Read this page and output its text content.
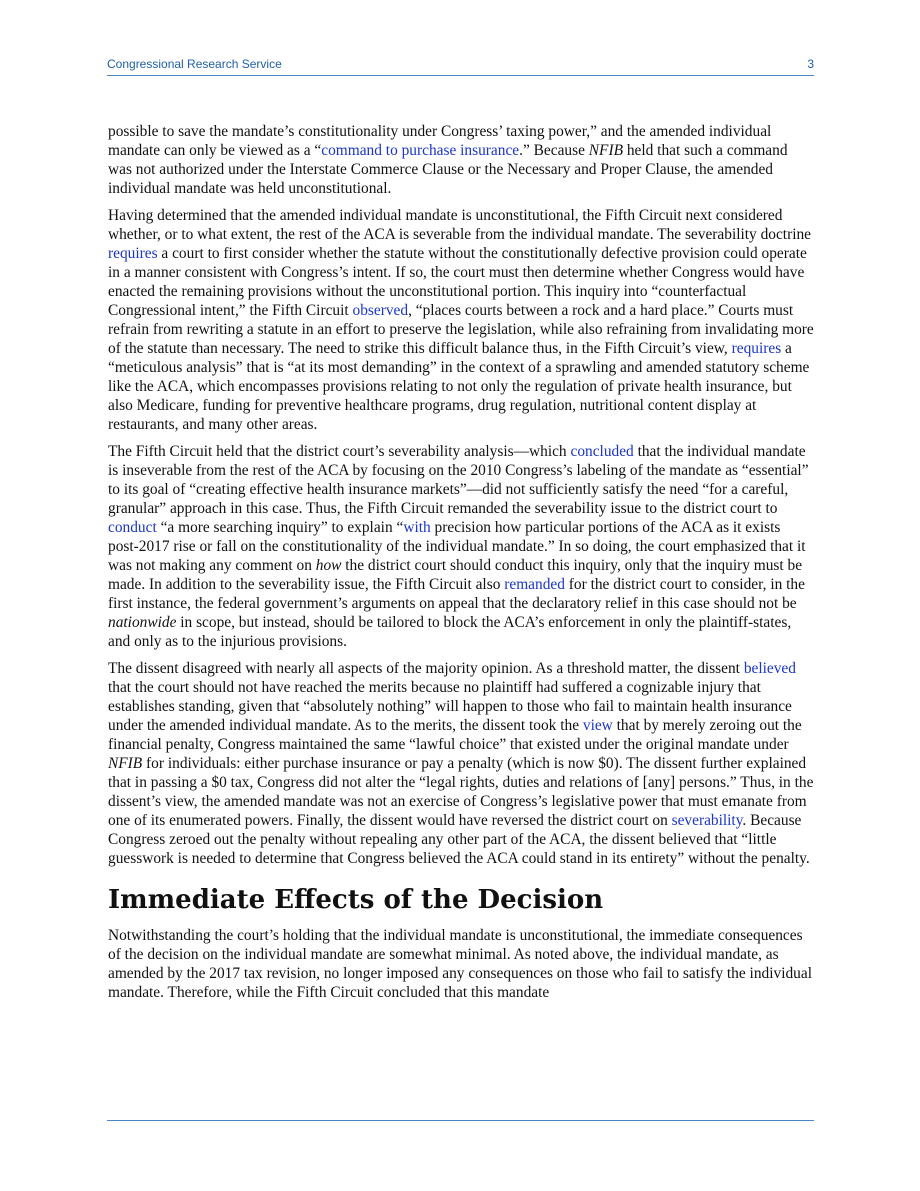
Congressional Research Service	3

possible to save the mandate’s constitutionality under Congress’ taxing power,” and the amended individual mandate can only be viewed as a “command to purchase insurance.” Because NFIB held that such a command was not authorized under the Interstate Commerce Clause or the Necessary and Proper Clause, the amended individual mandate was held unconstitutional.

Having determined that the amended individual mandate is unconstitutional, the Fifth Circuit next considered whether, or to what extent, the rest of the ACA is severable from the individual mandate. The severability doctrine requires a court to first consider whether the statute without the constitutionally defective provision could operate in a manner consistent with Congress’s intent. If so, the court must then determine whether Congress would have enacted the remaining provisions without the unconstitutional portion. This inquiry into “counterfactual Congressional intent,” the Fifth Circuit observed, “places courts between a rock and a hard place.” Courts must refrain from rewriting a statute in an effort to preserve the legislation, while also refraining from invalidating more of the statute than necessary. The need to strike this difficult balance thus, in the Fifth Circuit’s view, requires a “meticulous analysis” that is “at its most demanding” in the context of a sprawling and amended statutory scheme like the ACA, which encompasses provisions relating to not only the regulation of private health insurance, but also Medicare, funding for preventive healthcare programs, drug regulation, nutritional content display at restaurants, and many other areas.

The Fifth Circuit held that the district court’s severability analysis—which concluded that the individual mandate is inseverable from the rest of the ACA by focusing on the 2010 Congress’s labeling of the mandate as “essential” to its goal of “creating effective health insurance markets”—did not sufficiently satisfy the need “for a careful, granular” approach in this case. Thus, the Fifth Circuit remanded the severability issue to the district court to conduct “a more searching inquiry” to explain “with precision how particular portions of the ACA as it exists post-2017 rise or fall on the constitutionality of the individual mandate.” In so doing, the court emphasized that it was not making any comment on how the district court should conduct this inquiry, only that the inquiry must be made. In addition to the severability issue, the Fifth Circuit also remanded for the district court to consider, in the first instance, the federal government’s arguments on appeal that the declaratory relief in this case should not be nationwide in scope, but instead, should be tailored to block the ACA’s enforcement in only the plaintiff-states, and only as to the injurious provisions.

The dissent disagreed with nearly all aspects of the majority opinion. As a threshold matter, the dissent believed that the court should not have reached the merits because no plaintiff had suffered a cognizable injury that establishes standing, given that “absolutely nothing” will happen to those who fail to maintain health insurance under the amended individual mandate. As to the merits, the dissent took the view that by merely zeroing out the financial penalty, Congress maintained the same “lawful choice” that existed under the original mandate under NFIB for individuals: either purchase insurance or pay a penalty (which is now $0). The dissent further explained that in passing a $0 tax, Congress did not alter the “legal rights, duties and relations of [any] persons.” Thus, in the dissent’s view, the amended mandate was not an exercise of Congress’s legislative power that must emanate from one of its enumerated powers. Finally, the dissent would have reversed the district court on severability. Because Congress zeroed out the penalty without repealing any other part of the ACA, the dissent believed that “little guesswork is needed to determine that Congress believed the ACA could stand in its entirety” without the penalty.

Immediate Effects of the Decision

Notwithstanding the court’s holding that the individual mandate is unconstitutional, the immediate consequences of the decision on the individual mandate are somewhat minimal. As noted above, the individual mandate, as amended by the 2017 tax revision, no longer imposed any consequences on those who fail to satisfy the individual mandate. Therefore, while the Fifth Circuit concluded that this mandate
